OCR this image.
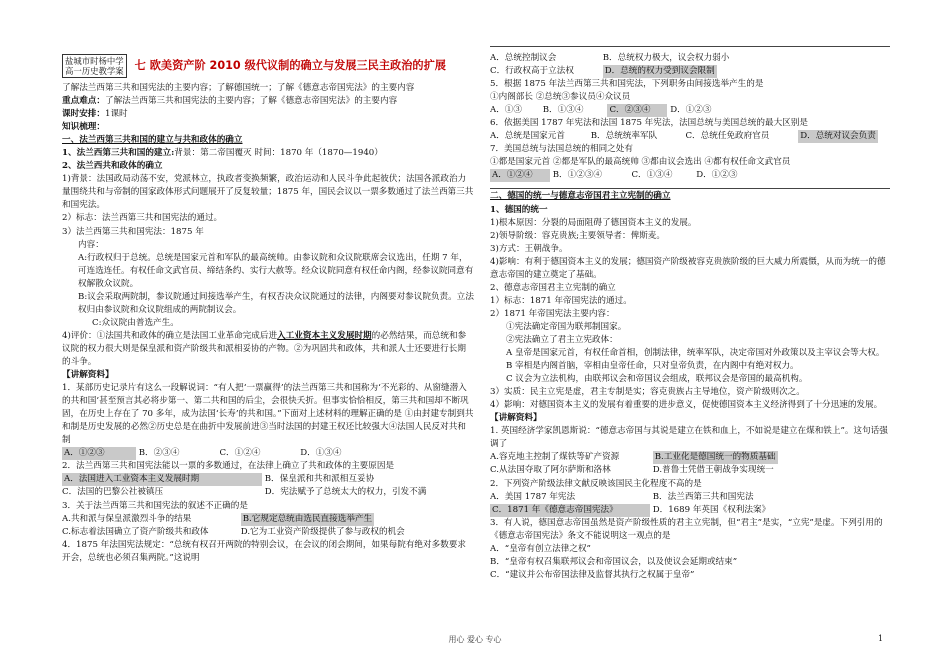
盐城市时杨中学
高一历史教学案 七 欧美资产阶 2010 级代议制的确立与发展三民主政治的扩展
了解法兰西第三共和国宪法的主要内容；了解德国统一；了解《德意志帝国宪法》的主要内容
重点难点：了解法兰西第三共和国宪法的主要内容；了解《德意志帝国宪法》的主要内容
课时安排：1课时
知识梳理：
一、法兰西第三共和国的建立与共和政体的确立
1、法兰西第三共和国的建立:背景：第二帝国覆灭 时间：1870 年（1870—1940）
2、法兰西共和政体的确立
1)背景：法国政局动荡不安，党派林立，执政者变换频繁，政治运动和人民斗争此起彼伏；法国各派政治力量围绕共和与帝制的国家政体形式问题展开了反复较量；1875 年，国民会议以一票多数通过了法兰西第三共和国宪法。
2）标志：法兰西第三共和国宪法的通过。
3）法兰西第三共和国宪法：1875 年
内容：
A:行政权归于总统。总统是国家元首和军队的最高统帅。由参议院和众议院联席会议选出，任期 7 年，可连选连任。有权任命文武官员、缔结条约、实行大赦等。经众议院同意有权任命内阁，经参议院同意有权解散众议院。
B:议会采取两院制，参议院通过间接选举产生，有权否决众议院通过的法律，内阁要对参议院负责。立法权归由参议院和众议院组成的两院制议会。
C:众议院由普选产生。
4)评价：①法国共和政体的确立是法国工业革命完成后进入工业资本主义发展时期的必然结果，而总统和参议院的权力很大则是保皇派和资产阶级共和派相妥协的产物。②为巩固共和政体，共和派人士还要进行长期的斗争。
【讲解资料】
1．某部历史记录片有这么一段解说词：“有人把‘一票赢得’的法兰西第三共和国称为‘不光彩的、从窗缝潜入的共和国’甚至预言其必将步第一、第二共和国的后尘，会很快夭折。但事实恰恰相反，第三共和国却不断巩固，在历史上存在了 70 多年，成为法国‘长寿’的共和国。”下面对上述材料的理解正确的是 ①由封建专制到共和制是历史发展的必然②历史总是在曲折中发展前进③当时法国的封建王权还比较强大④法国人民反对共和制
A．①②③	B．②③④	C．①②④	D．①③④
2．法兰西第三共和国宪法能以一票的多数通过，在法律上确立了共和政体的主要原因是
A．法国进入工业资本主义发展时期	B．保皇派和共和派相互妥协
C．法国的巴黎公社被镇压	D．宪法赋予了总统太大的权力，引发不满
3．关于法兰西第三共和国宪法的叙述不正确的是
A.共和派与保皇派激烈斗争的结果	B.它规定总统由选民直接选举产生
C.标志着法国确立了资产阶级共和政体	D.它为工业资产阶级提供了参与政权的机会
4．1875 年法国宪法规定：“总统有权召开两院的特别会议，在会议的闭会期间，如果每院有绝对多数要求开会，总统也必须召集两院。”这说明
A．总统控制议会	B．总统权力极大，议会权力弱小
C．行政权高于立法权	D．总统的权力受到议会限制
5．根据 1875 年法兰西第三共和国宪法，下列职务由间接选举产生的是
①内阁部长 ②总统③参议员④众议员
A．①③ B．①③④	C．②③④ D．①②③
6．依据美国 1787 年宪法和法国 1875 年宪法，法国总统与美国总统的最大区别是
A．总统是国家元首	B．总统统率军队	C．总统任免政府官员	D．总统对议会负责
7．美国总统与法国总统的相同之处有
①都是国家元首 ②都是军队的最高统帅 ③都由议会选出 ④都有权任命文武官员
A．①②④ B．①②③④	C．①③④	D．①②③
二、德国的统一与德意志帝国君主立宪制的确立
1、德国的统一
1)根本原因：分裂的局面阻碍了德国资本主义的发展。
2)领导阶级：容克贵族;主要领导者：俾斯麦。
3)方式：王朝战争。
4)影响：有利于德国资本主义的发展；德国资产阶级被容克贵族阶级的巨大威力所震慑，从而为统一的德意志帝国的建立奠定了基础。
2、德意志帝国君主立宪制的确立
1）标志：1871 年帝国宪法的通过。
2）1871 年帝国宪法主要内容：
①宪法确定帝国为联邦制国家。
②宪法确立了君主立宪政体：
A 皇帝是国家元首，有权任命首相，创制法律，统率军队，决定帝国对外政策以及主宰议会等大权。B 宰相是内阁首脑，宰相由皇帝任命，只对皇帝负责，在内阁中有绝对权力。
C 议会为立法机构，由联邦议会和帝国议会组成，联邦议会是帝国的最高机构。
3）实质：民主立宪是虚，君主专制是实；容克贵族占主导地位，资产阶级则次之。
4）影响：对德国资本主义的发展有着重要的进步意义，促使德国资本主义经济得到了十分迅速的发展。
【讲解资料】
1. 英国经济学家凯恩斯说：“德意志帝国与其说是建立在铁和血上，不如说是建立在煤和铁上”。这句话强调了
A.容克地主控制了煤铁等矿产资源	B.工业化是德国统一的物质基础
C.从法国夺取了阿尔萨斯和洛林	D.普鲁士凭借王朝战争实现统一
2．下列资产阶级法律文献反映该国民主化程度不高的是
A．美国 1787 年宪法	B．法兰西第三共和国宪法
C．1871 年《德意志帝国宪法》	D．1689 年英国《权利法案》
3．有人说，德国意志帝国虽然是资产阶级性质的君主立宪制，但“君主”是实，“立宪”是虚。下列引用的《德意志帝国宪法》条文不能说明这一观点的是
A．“皇帝有创立法律之权”
B．“皇帝有权召集联邦议会和帝国议会，以及使议会延期或结束”
C．“建议并公布帝国法律及监督其执行之权属于皇帝”
用心 爱心 专心	1
